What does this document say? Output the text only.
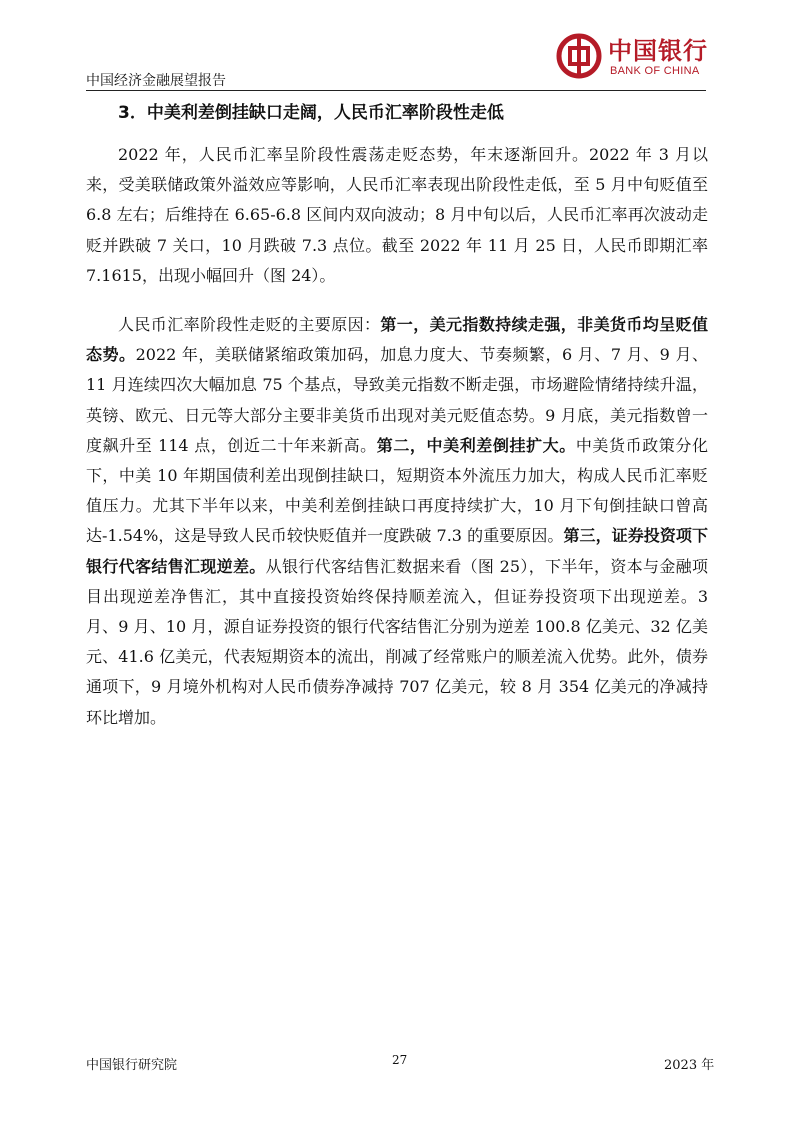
中国经济金融展望报告
中国银行
BANK OF CHINA
3．中美利差倒挂缺口走阔，人民币汇率阶段性走低

2022 年，人民币汇率呈阶段性震荡走贬态势，年末逐渐回升。2022 年 3 月以来，受美联储政策外溢效应等影响，人民币汇率表现出阶段性走低，至 5 月中旬贬值至 6.8 左右；后维持在 6.65-6.8 区间内双向波动；8 月中旬以后，人民币汇率再次波动走贬并跌破 7 关口，10 月跌破 7.3 点位。截至 2022 年 11 月 25 日，人民币即期汇率 7.1615，出现小幅回升（图 24）。

人民币汇率阶段性走贬的主要原因：第一，美元指数持续走强，非美货币均呈贬值态势。2022 年，美联储紧缩政策加码，加息力度大、节奏频繁，6 月、7 月、9 月、11 月连续四次大幅加息 75 个基点，导致美元指数不断走强，市场避险情绪持续升温，英镑、欧元、日元等大部分主要非美货币出现对美元贬值态势。9 月底，美元指数曾一度飙升至 114 点，创近二十年来新高。第二，中美利差倒挂扩大。中美货币政策分化下，中美 10 年期国债利差出现倒挂缺口，短期资本外流压力加大，构成人民币汇率贬值压力。尤其下半年以来，中美利差倒挂缺口再度持续扩大，10 月下旬倒挂缺口曾高达-1.54%，这是导致人民币较快贬值并一度跌破 7.3 的重要原因。第三，证券投资项下银行代客结售汇现逆差。从银行代客结售汇数据来看（图 25），下半年，资本与金融项目出现逆差净售汇，其中直接投资始终保持顺差流入，但证券投资项下出现逆差。3 月、9 月、10 月，源自证券投资的银行代客结售汇分别为逆差 100.8 亿美元、32 亿美元、41.6 亿美元，代表短期资本的流出，削减了经常账户的顺差流入优势。此外，债券通项下，9 月境外机构对人民币债券净减持 707 亿美元，较 8 月 354 亿美元的净减持环比增加。

中国银行研究院	27	2023 年
